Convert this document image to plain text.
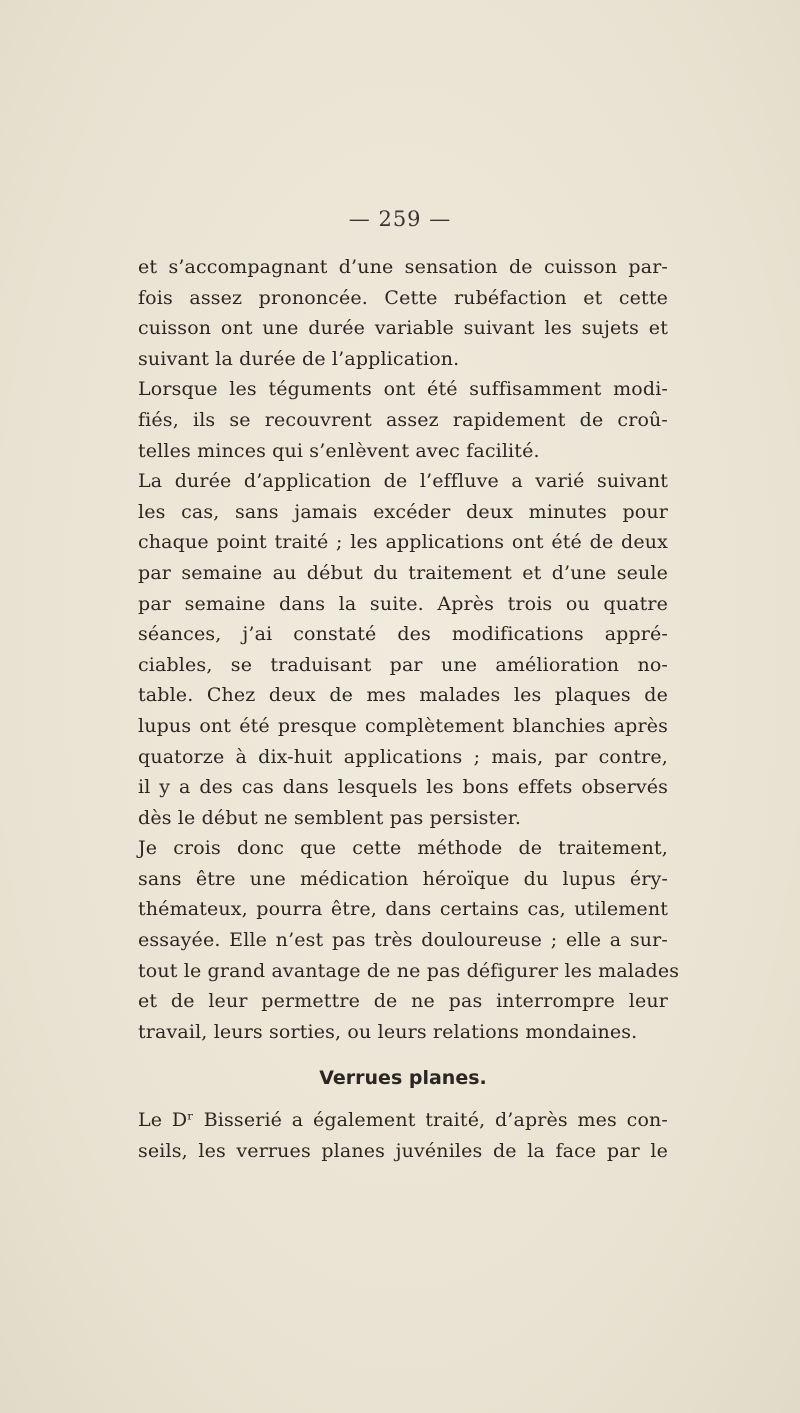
— 259 —
et s’accompagnant d’une sensation de cuisson par-
fois assez prononcée. Cette rubéfaction et cette
cuisson ont une durée variable suivant les sujets et
suivant la durée de l’application.
Lorsque les téguments ont été suffisamment modi-
fiés, ils se recouvrent assez rapidement de croû-
telles minces qui s’enlèvent avec facilité.
La durée d’application de l’effluve a varié suivant
les cas, sans jamais excéder deux minutes pour
chaque point traité ; les applications ont été de deux
par semaine au début du traitement et d’une seule
par semaine dans la suite. Après trois ou quatre
séances, j’ai constaté des modifications appré-
ciables, se traduisant par une amélioration no-
table. Chez deux de mes malades les plaques de
lupus ont été presque complètement blanchies après
quatorze à dix-huit applications ; mais, par contre,
il y a des cas dans lesquels les bons effets observés
dès le début ne semblent pas persister.
Je crois donc que cette méthode de traitement,
sans être une médication héroïque du lupus éry-
thémateux, pourra être, dans certains cas, utilement
essayée. Elle n’est pas très douloureuse ; elle a sur-
tout le grand avantage de ne pas défigurer les malades
et de leur permettre de ne pas interrompre leur
travail, leurs sorties, ou leurs relations mondaines.
Verrues planes.
Le Dʳ Bisserié a également traité, d’après mes con-
seils, les verrues planes juvéniles de la face par le
